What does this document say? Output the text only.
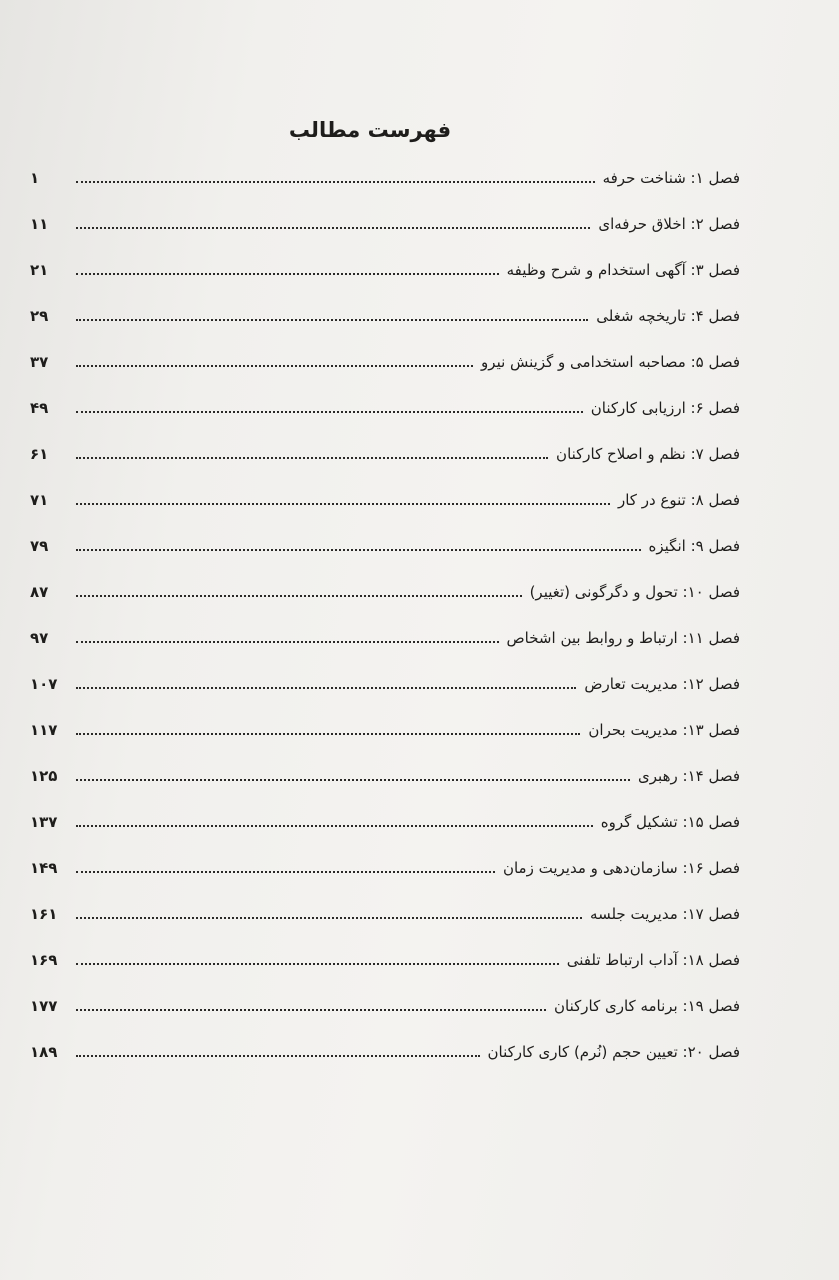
فهرست مطالب
فصل ۱: شناخت حرفه
۱
فصل ۲: اخلاق حرفه‌ای
۱۱
فصل ۳: آگهی استخدام و شرح وظیفه
۲۱
فصل ۴: تاریخچه شغلی
۲۹
فصل ۵: مصاحبه استخدامی و گزینش نیرو
۳۷
فصل ۶: ارزیابی کارکنان
۴۹
فصل ۷: نظم و اصلاح کارکنان
۶۱
فصل ۸: تنوع در کار
۷۱
فصل ۹: انگیزه
۷۹
فصل ۱۰: تحول و دگرگونی (تغییر)
۸۷
فصل ۱۱: ارتباط و روابط بین اشخاص
۹۷
فصل ۱۲: مدیریت تعارض
۱۰۷
فصل ۱۳: مدیریت بحران
۱۱۷
فصل ۱۴: رهبری
۱۲۵
فصل ۱۵: تشکیل گروه
۱۳۷
فصل ۱۶: سازمان‌دهی و مدیریت زمان
۱۴۹
فصل ۱۷: مدیریت جلسه
۱۶۱
فصل ۱۸: آداب ارتباط تلفنی
۱۶۹
فصل ۱۹: برنامه کاری کارکنان
۱۷۷
فصل ۲۰: تعیین حجم (نُرم) کاری کارکنان
۱۸۹
